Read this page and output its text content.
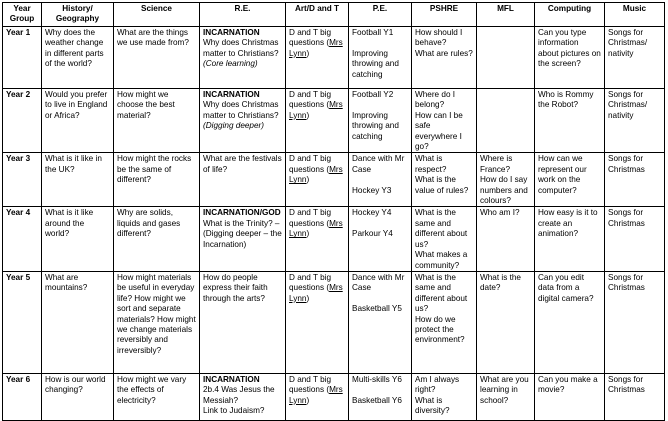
Year Group	History/ Geography	Science	R.E.	Art/D and T	P.E.	PSHRE	MFL	Computing	Music
Year 1	Why does the weather change in different parts of the world?	What are the things we use made from?	INCARNATION
Why does Christmas matter to Christians?
(Core learning)	D and T big questions (Mrs Lynn)	Football Y1
Improving throwing and catching	How should I behave?
What are rules?		Can you type information about pictures on the screen?	Songs for Christmas/ nativity
Year 2	Would you prefer to live in England or Africa?	How might we choose the best material?	INCARNATION
Why does Christmas matter to Christians?
(Digging deeper)	D and T big questions (Mrs Lynn)	Football Y2
Improving throwing and catching	Where do I belong?
How can I be safe everywhere I go?		Who is Rommy the Robot?	Songs for Christmas/ nativity
Year 3	What is it like in the UK?	How might the rocks be the same of different?	What are the festivals of life?	D and T big questions (Mrs Lynn)	Dance with Mr Case
Hockey Y3	What is respect?
What is the value of rules?	Where is France?
How do I say numbers and colours?	How can we represent our work on the computer?	Songs for Christmas
Year 4	What is it like around the world?	Why are solids, liquids and gases different?	INCARNATION/GOD
What is the Trinity? – (Digging deeper – the Incarnation)	D and T big questions (Mrs Lynn)	Hockey Y4
Parkour Y4	What is the same and different about us?
What makes a community?	Who am I?	How easy is it to create an animation?	Songs for Christmas
Year 5	What are mountains?	How might materials be useful in everyday life? How might we sort and separate materials? How might we change materials reversibly and irreversibly?	How do people express their faith through the arts?	D and T big questions (Mrs Lynn)	Dance with Mr Case
Basketball Y5	What is the same and different about us?
How do we protect the environment?	What is the date?	Can you edit data from a digital camera?	Songs for Christmas
Year 6	How is our world changing?	How might we vary the effects of electricity?	INCARNATION
2b.4 Was Jesus the Messiah?
Link to Judaism?	D and T big questions (Mrs Lynn)	Multi-skills Y6
Basketball Y6	Am I always right?
What is diversity?	What are you learning in school?	Can you make a movie?	Songs for Christmas
